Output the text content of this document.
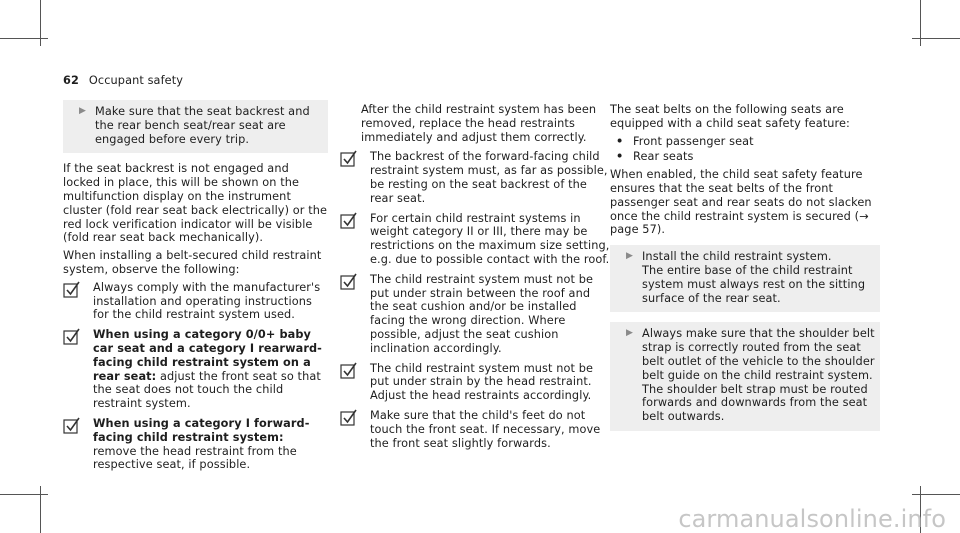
62 Occupant safety
▶ Make sure that the seat backrest and the rear bench seat/rear seat are engaged before every trip.

If the seat backrest is not engaged and locked in place, this will be shown on the multifunction display on the instrument cluster (fold rear seat back electrically) or the red lock verification indicator will be visible (fold rear seat back mechanically).

When installing a belt-secured child restraint system, observe the following:

Always comply with the manufacturer's installation and operating instructions for the child restraint system used.
When using a category 0/0+ baby car seat and a category I rearward-facing child restraint system on a rear seat: adjust the front seat so that the seat does not touch the child restraint system.
When using a category I forward-facing child restraint system: remove the head restraint from the respective seat, if possible.

After the child restraint system has been removed, replace the head restraints immediately and adjust them correctly.

The backrest of the forward-facing child restraint system must, as far as possible, be resting on the seat backrest of the rear seat.
For certain child restraint systems in weight category II or III, there may be restrictions on the maximum size setting, e.g. due to possible contact with the roof.
The child restraint system must not be put under strain between the roof and the seat cushion and/or be installed facing the wrong direction. Where possible, adjust the seat cushion inclination accordingly.
The child restraint system must not be put under strain by the head restraint. Adjust the head restraints accordingly.
Make sure that the child's feet do not touch the front seat. If necessary, move the front seat slightly forwards.

The seat belts on the following seats are equipped with a child seat safety feature:

• Front passenger seat
• Rear seats

When enabled, the child seat safety feature ensures that the seat belts of the front passenger seat and rear seats do not slacken once the child restraint system is secured (→ page 57).

▶ Install the child restraint system.
The entire base of the child restraint system must always rest on the sitting surface of the rear seat.
▶ Always make sure that the shoulder belt strap is correctly routed from the seat belt outlet of the vehicle to the shoulder belt guide on the child restraint system.
The shoulder belt strap must be routed forwards and downwards from the seat belt outwards.
carmanualsonline.info
